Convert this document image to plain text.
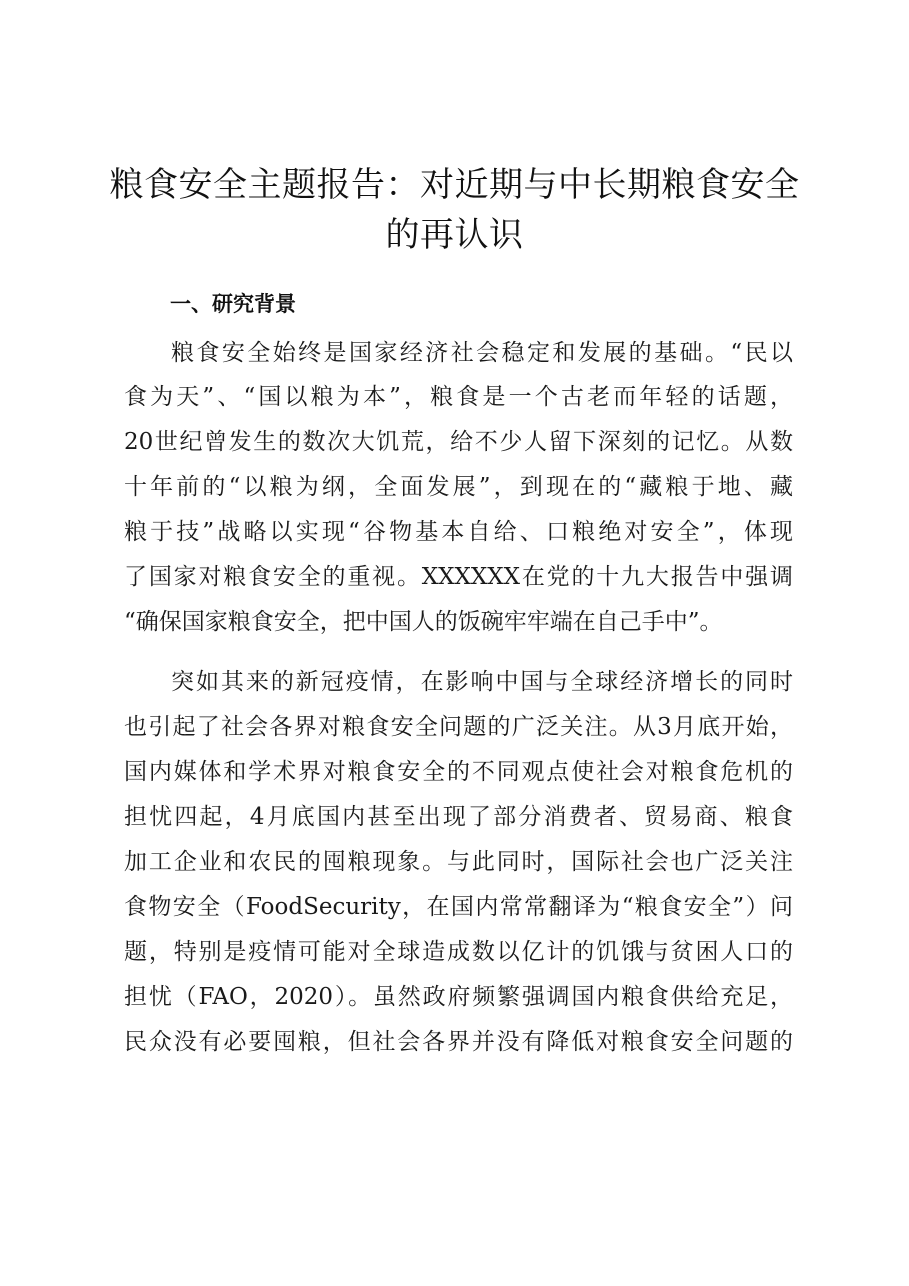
粮食安全主题报告：对近期与中长期粮食安全
的再认识
一、研究背景
粮食安全始终是国家经济社会稳定和发展的基础。“民以
食为天”、“国以粮为本”，粮食是一个古老而年轻的话题，
20世纪曾发生的数次大饥荒，给不少人留下深刻的记忆。从数
十年前的“以粮为纲，全面发展”，到现在的“藏粮于地、藏
粮于技”战略以实现“谷物基本自给、口粮绝对安全”，体现
了国家对粮食安全的重视。XXXXXX在党的十九大报告中强调
“确保国家粮食安全，把中国人的饭碗牢牢端在自己手中”。
突如其来的新冠疫情，在影响中国与全球经济增长的同时
也引起了社会各界对粮食安全问题的广泛关注。从3月底开始，
国内媒体和学术界对粮食安全的不同观点使社会对粮食危机的
担忧四起，4月底国内甚至出现了部分消费者、贸易商、粮食
加工企业和农民的囤粮现象。与此同时，国际社会也广泛关注
食物安全（FoodSecurity，在国内常常翻译为“粮食安全”）问
题，特别是疫情可能对全球造成数以亿计的饥饿与贫困人口的
担忧（FAO，2020）。虽然政府频繁强调国内粮食供给充足，
民众没有必要囤粮，但社会各界并没有降低对粮食安全问题的
